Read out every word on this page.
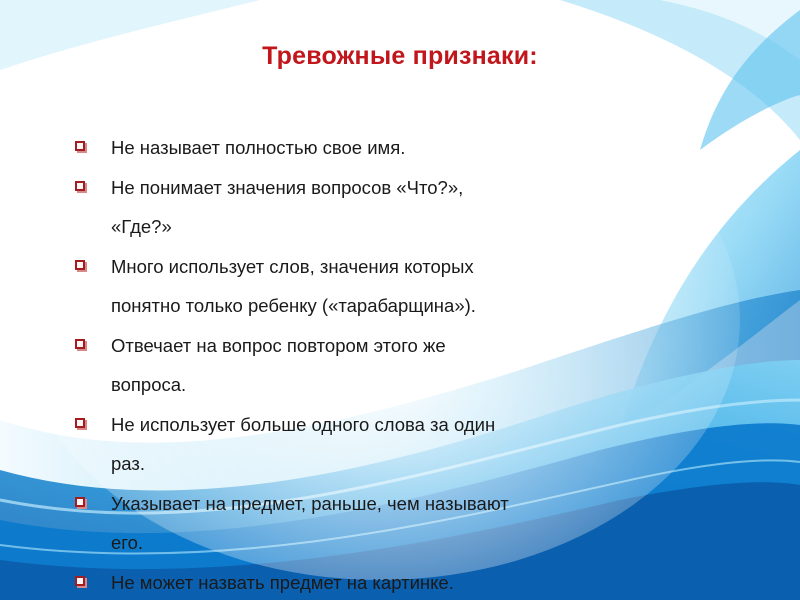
Тревожные признаки:
Не называет полностью свое имя.
Не понимает значения вопросов «Что?»,
«Где?»
Много использует слов, значения которых
понятно только ребенку («тарабарщина»).
Отвечает на вопрос повтором этого же
вопроса.
Не использует больше одного слова за один
раз.
Указывает на предмет, раньше, чем называют
его.
Не может назвать предмет на картинке.
